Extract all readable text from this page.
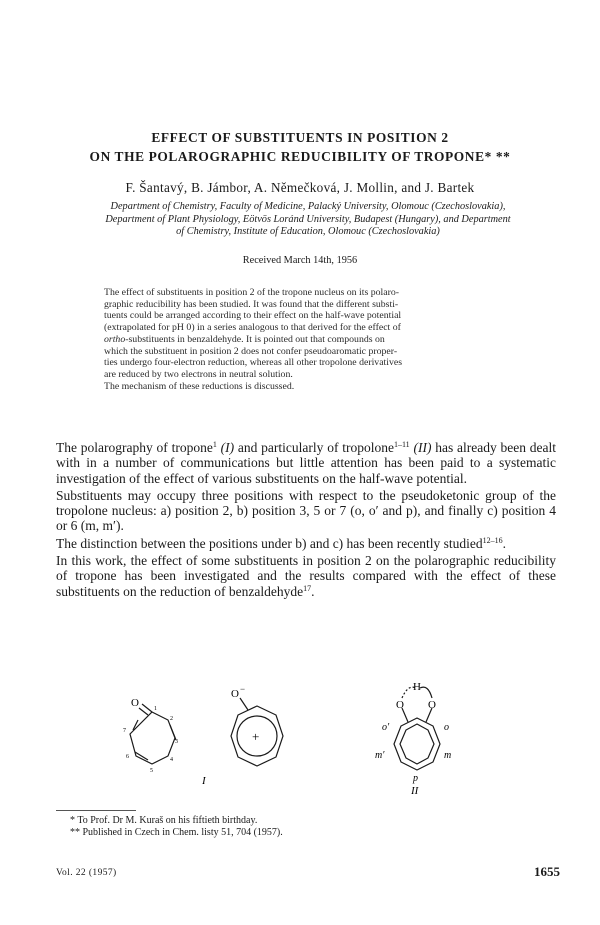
EFFECT OF SUBSTITUENTS IN POSITION 2
ON THE POLAROGRAPHIC REDUCIBILITY OF TROPONE* **
F. Šantavý, B. Jámbor, A. Němečková, J. Mollin, and J. Bartek
Department of Chemistry, Faculty of Medicine, Palacký University, Olomouc (Czechoslovakia),
Department of Plant Physiology, Eötvös Loránd University, Budapest (Hungary), and Department
of Chemistry, Institute of Education, Olomouc (Czechoslovakia)
Received March 14th, 1956

The effect of substituents in position 2 of the tropone nucleus on its polaro-

graphic reducibility has been studied. It was found that the different substi-

tuents could be arranged according to their effect on the half-wave potential

(extrapolated for pH 0) in a series analogous to that derived for the effect of

ortho-substituents in benzaldehyde. It is pointed out that compounds on

which the substituent in position 2 does not confer pseudoaromatic proper-

ties undergo four-electron reduction, whereas all other tropolone derivatives

are reduced by two electrons in neutral solution.

The mechanism of these reductions is discussed.

The polarography of tropone$^1$ (I) and particularly of tropolone$^{1-11}$ (II) has already been dealt with in a number of communications but little attention has been paid to a systematic investigation of the effect of various substituents on the half-wave potential.

Substituents may occupy three positions with respect to the pseudoketonic group of the tropolone nucleus: a) position 2, b) position 3, 5 or 7 (o, o′ and p), and finally c) position 4 or 6 (m, m′).

The distinction between the positions under b) and c) has been recently studied$^{12-16}$.

In this work, the effect of some substituents in position 2 on the polarographic reducibility of tropone has been investigated and the results compared with the effect of these substituents on the reduction of benzaldehyde$^{17}$.

O	1
2
3
4
5
6
7
I
O −
+
O O
H
o′	o
m′	m
p
II
* To Prof. Dr M. Kuraš on his fiftieth birthday.
** Published in Czech in Chem. listy 51, 704 (1957).
Vol. 22 (1957)	1655
